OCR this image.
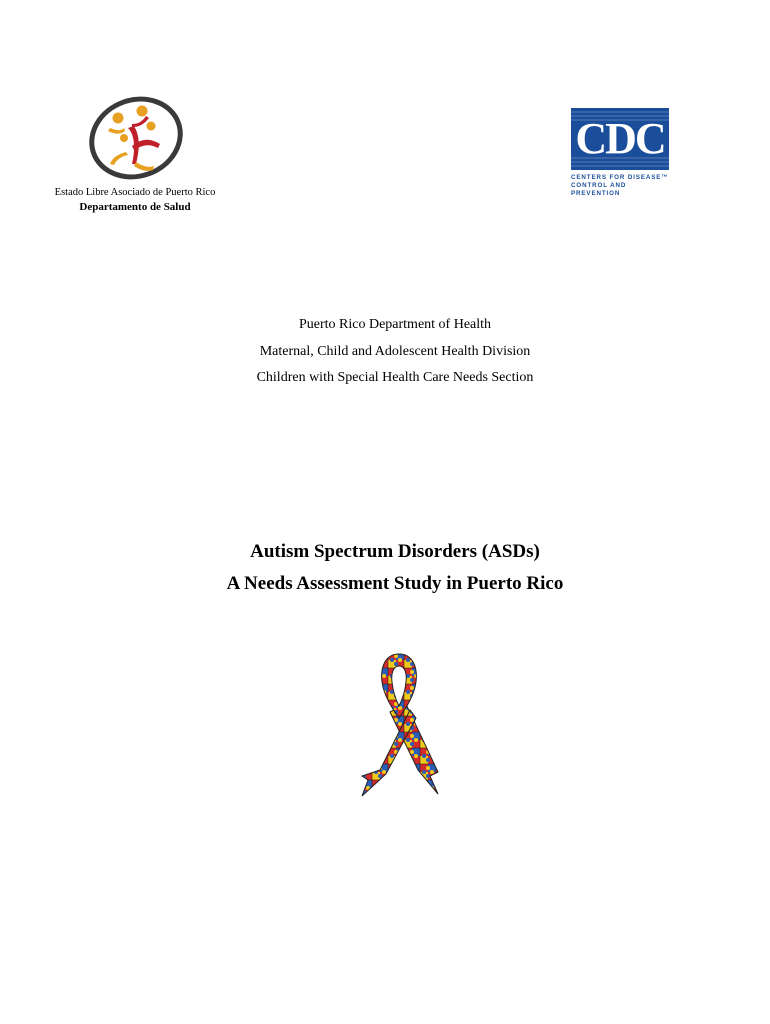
Estado Libre Asociado de Puerto Rico
Departamento de Salud
CDC
CENTERS FOR DISEASE™
CONTROL AND PREVENTION
Puerto Rico Department of Health
Maternal, Child and Adolescent Health Division
Children with Special Health Care Needs Section
Autism Spectrum Disorders (ASDs)
A Needs Assessment Study in Puerto Rico
